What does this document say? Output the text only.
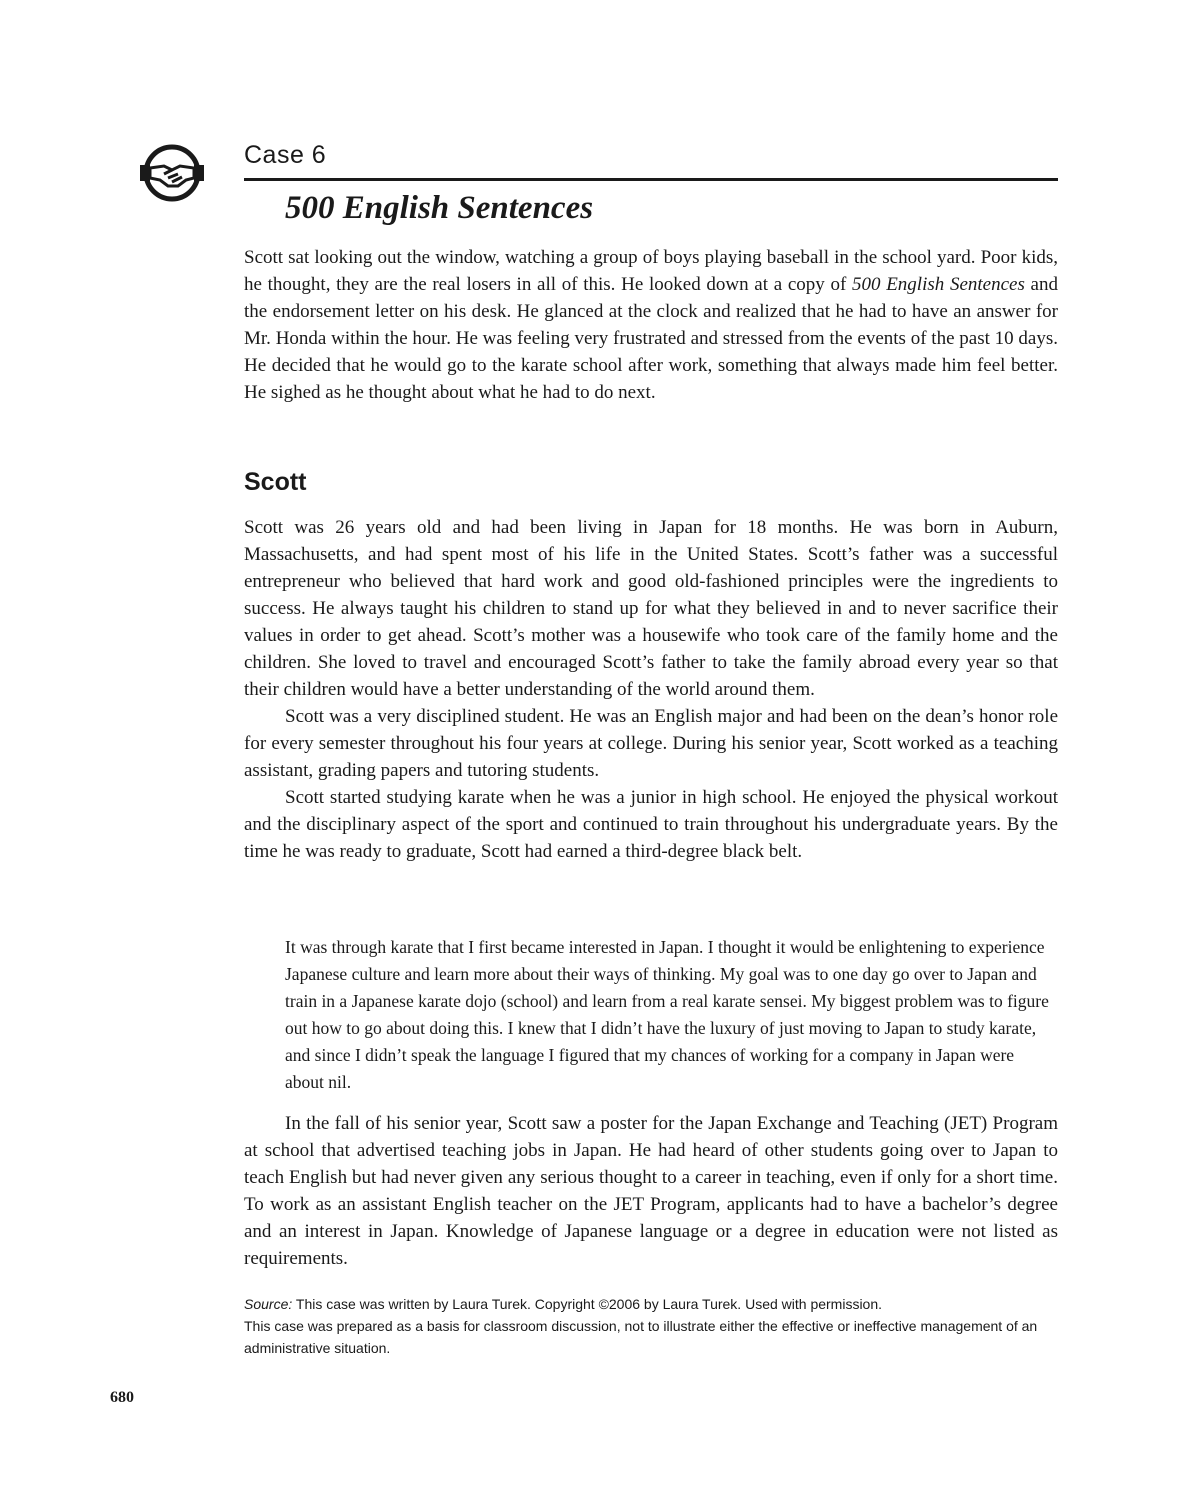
Case 6
500 English Sentences

Scott sat looking out the window, watching a group of boys playing baseball in the school yard. Poor kids, he thought, they are the real losers in all of this. He looked down at a copy of 500 English Sentences and the endorsement letter on his desk. He glanced at the clock and realized that he had to have an answer for Mr. Honda within the hour. He was feeling very frustrated and stressed from the events of the past 10 days. He decided that he would go to the karate school after work, something that always made him feel better. He sighed as he thought about what he had to do next.

Scott

Scott was 26 years old and had been living in Japan for 18 months. He was born in Auburn, Massachusetts, and had spent most of his life in the United States. Scott’s father was a successful entrepreneur who believed that hard work and good old-fashioned principles were the ingredients to success. He always taught his children to stand up for what they believed in and to never sacrifice their values in order to get ahead. Scott’s mother was a housewife who took care of the family home and the children. She loved to travel and encouraged Scott’s father to take the family abroad every year so that their children would have a better understanding of the world around them.

Scott was a very disciplined student. He was an English major and had been on the dean’s honor role for every semester throughout his four years at college. During his senior year, Scott worked as a teaching assistant, grading papers and tutoring students.

Scott started studying karate when he was a junior in high school. He enjoyed the physical workout and the disciplinary aspect of the sport and continued to train throughout his undergraduate years. By the time he was ready to graduate, Scott had earned a third-degree black belt.

It was through karate that I first became interested in Japan. I thought it would be enlightening to experience Japanese culture and learn more about their ways of thinking. My goal was to one day go over to Japan and train in a Japanese karate dojo (school) and learn from a real karate sensei. My biggest problem was to figure out how to go about doing this. I knew that I didn’t have the luxury of just moving to Japan to study karate, and since I didn’t speak the language I figured that my chances of working for a company in Japan were about nil.

In the fall of his senior year, Scott saw a poster for the Japan Exchange and Teaching (JET) Program at school that advertised teaching jobs in Japan. He had heard of other students going over to Japan to teach English but had never given any serious thought to a career in teaching, even if only for a short time. To work as an assistant English teacher on the JET Program, applicants had to have a bachelor’s degree and an interest in Japan. Knowledge of Japanese language or a degree in education were not listed as requirements.

Source: This case was written by Laura Turek. Copyright ©2006 by Laura Turek. Used with permission.

This case was prepared as a basis for classroom discussion, not to illustrate either the effective or ineffective management of an administrative situation.

680
